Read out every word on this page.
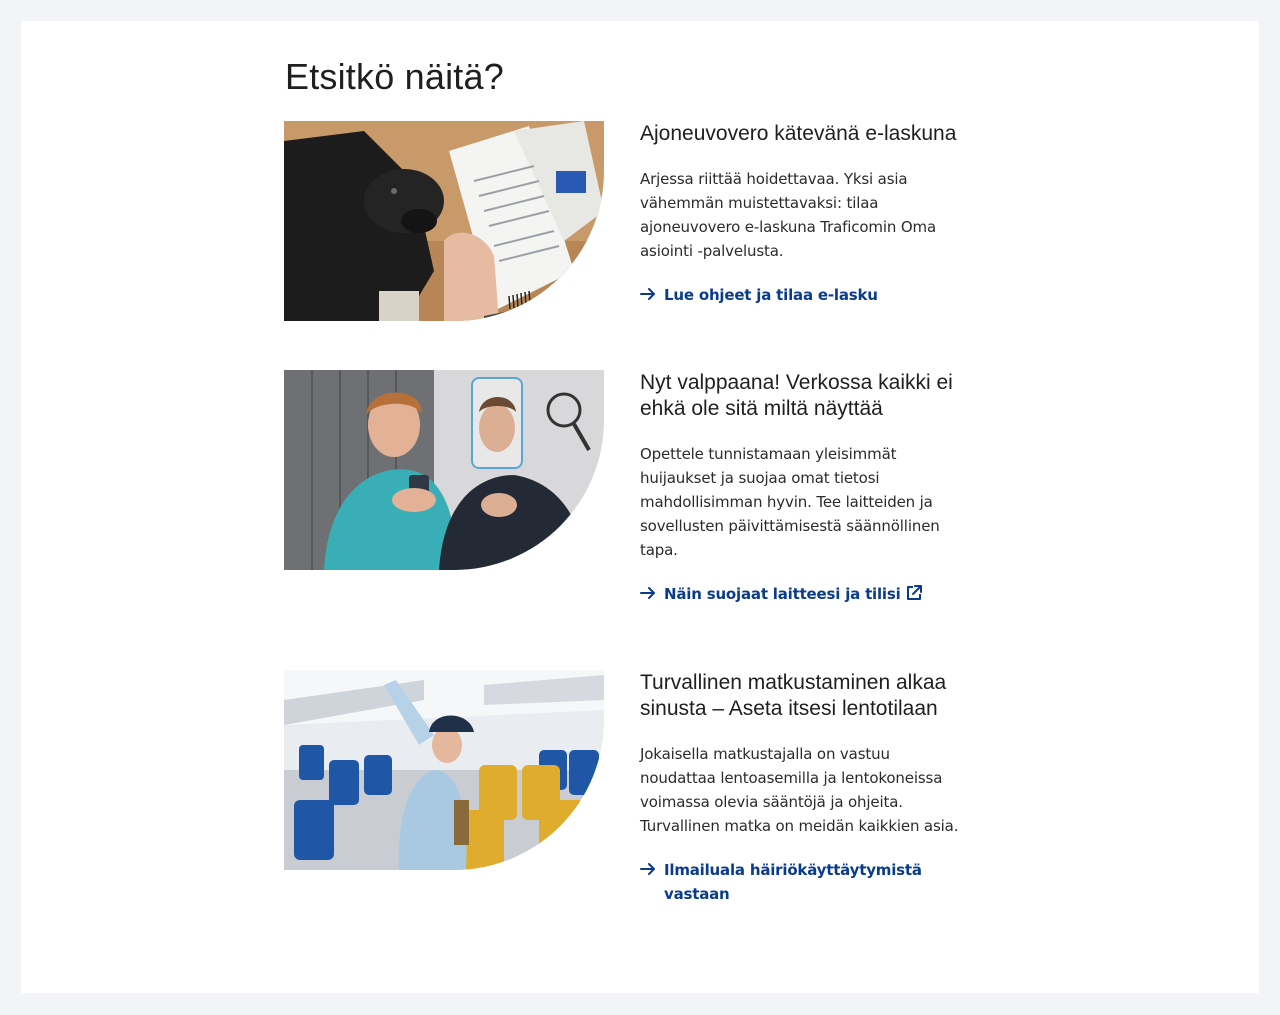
Etsitkö näitä?
Ajoneuvovero kätevänä e-laskuna

Arjessa riittää hoidettavaa. Yksi asia vähemmän muistettavaksi: tilaa ajoneuvovero e-laskuna Traficomin Oma asiointi -palvelusta.

Lue ohjeet ja tilaa e-lasku
Nyt valppaana! Verkossa kaikki ei ehkä ole sitä miltä näyttää

Opettele tunnistamaan yleisimmät huijaukset ja suojaa omat tietosi mahdollisimman hyvin. Tee laitteiden ja sovellusten päivittämisestä säännöllinen tapa.

Näin suojaat laitteesi ja tilisi
Turvallinen matkustaminen alkaa sinusta – Aseta itsesi lentotilaan

Jokaisella matkustajalla on vastuu noudattaa lentoasemilla ja lentokoneissa voimassa olevia sääntöjä ja ohjeita. Turvallinen matka on meidän kaikkien asia.

Ilmailuala häiriökäyttäytymistä vastaan
